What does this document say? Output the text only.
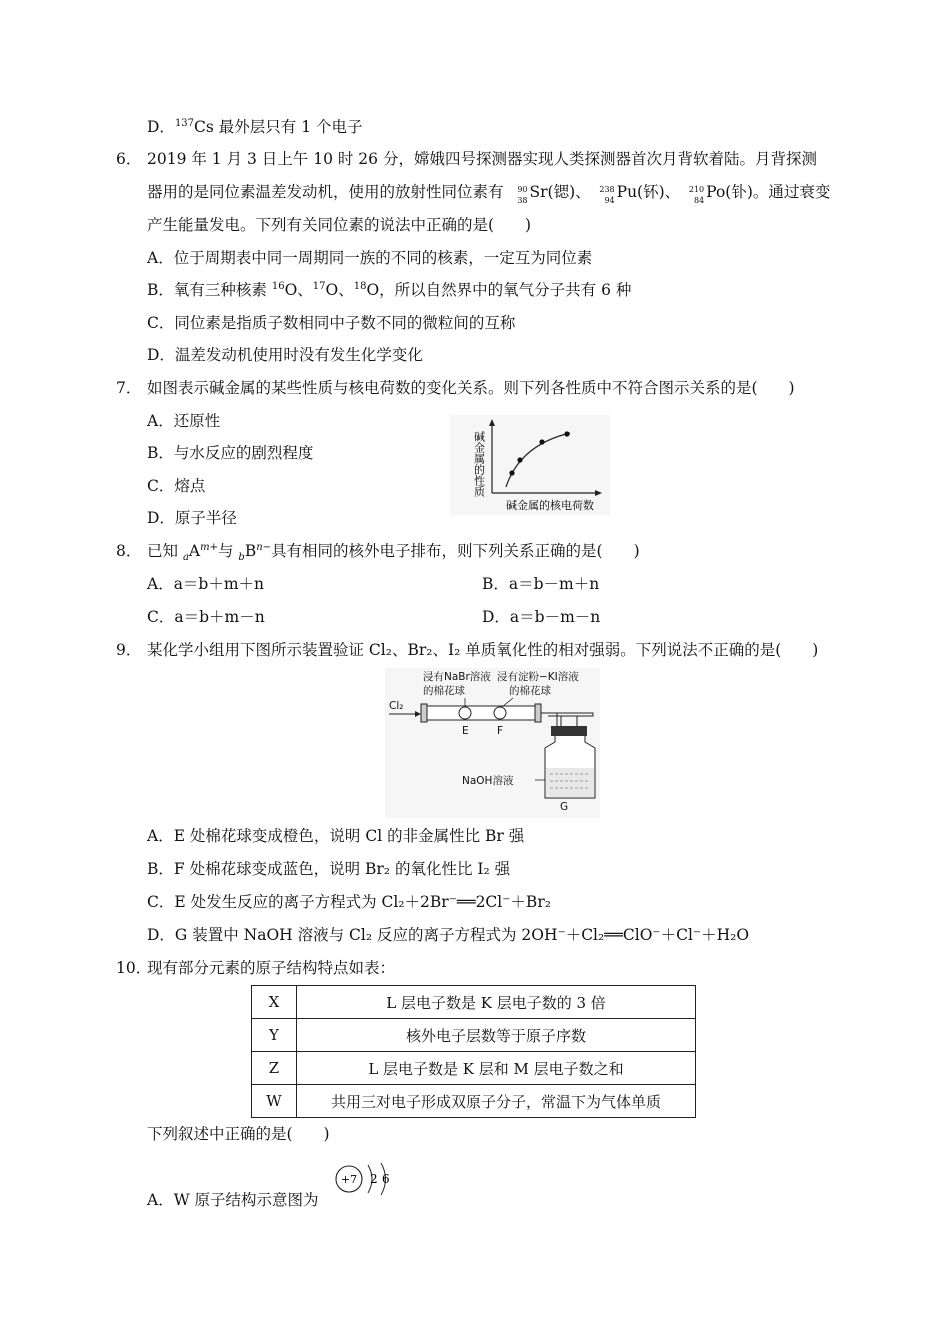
D．$^{137}$Cs 最外层只有 1 个电子
6． 2019 年 1 月 3 日上午 10 时 26 分，嫦娥四号探测器实现人类探测器首次月背软着陆。月背探测
器用的是同位素温差发动机，使用的放射性同位素有 90
38 Sr(锶)、 238
94 Pu(钚)、 210
84 Po(钋)。通过衰变
产生能量发电。下列有关同位素的说法中正确的是(　　)
A．位于周期表中同一周期同一族的不同的核素，一定互为同位素
B．氧有三种核素 $^{16}$O、$^{17}$O、$^{18}$O，所以自然界中的氧气分子共有 6 种
C．同位素是指质子数相同中子数不同的微粒间的互称
D．温差发动机使用时没有发生化学变化
7． 如图表示碱金属的某些性质与核电荷数的变化关系。则下列各性质中不符合图示关系的是(　　)
A．还原性
B．与水反应的剧烈程度
C．熔点
D．原子半径
碱金属的性质
碱金属的核电荷数
8． 已知 $_aA^{m+}$与 $_bB^{n-}$具有相同的核外电子排布，则下列关系正确的是(　　)
A．a＝b＋m＋n	B．a＝b－m＋n
C．a＝b＋m－n	D．a＝b－m－n
9． 某化学小组用下图所示装置验证 Cl₂、Br₂、I₂ 单质氧化性的相对强弱。下列说法不正确的是(　　)
浸有NaBr溶液
的棉花球
浸有淀粉−KI溶液
的棉花球
Cl₂
E	F
NaOH溶液
G
A．E 处棉花球变成橙色，说明 Cl 的非金属性比 Br 强
B．F 处棉花球变成蓝色，说明 Br₂ 的氧化性比 I₂ 强
C．E 处发生反应的离子方程式为 Cl₂＋2Br⁻══2Cl⁻＋Br₂
D．G 装置中 NaOH 溶液与 Cl₂ 反应的离子方程式为 2OH⁻＋Cl₂══ClO⁻＋Cl⁻＋H₂O
10．
现有部分元素的原子结构特点如表：
X	L 层电子数是 K 层电子数的 3 倍
Y	核外电子层数等于原子序数
Z	L 层电子数是 K 层和 M 层电子数之和
W	共用三对电子形成双原子分子，常温下为气体单质
下列叙述中正确的是(　　)
A．W 原子结构示意图为
+7 2 6
